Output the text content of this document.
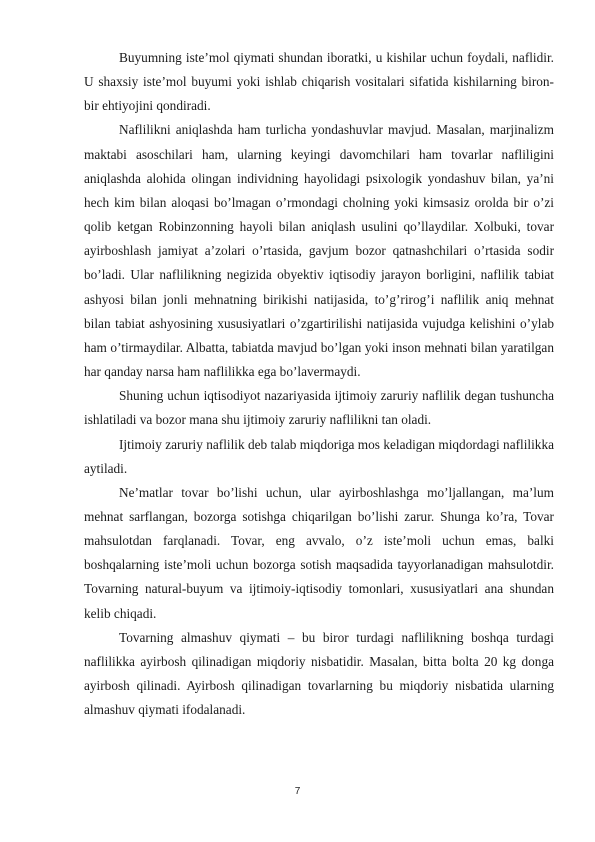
Buyumning iste’mol qiymati shundan iboratki, u kishilar uchun foydali, naflidir. U shaxsiy iste’mol buyumi yoki ishlab chiqarish vositalari sifatida kishilarning biron- bir ehtiyojini qondiradi.

Naflilikni aniqlashda ham turlicha yondashuvlar mavjud. Masalan, marjinalizm maktabi asoschilari ham, ularning keyingi davomchilari ham tovarlar nafliligini aniqlashda alohida olingan individning hayolidagi psixologik yondashuv bilan, ya’ni hech kim bilan aloqasi bo’lmagan o’rmondagi cholning yoki kimsasiz orolda bir o’zi qolib ketgan Robinzonning hayoli bilan aniqlash usulini qo’llaydilar. Xolbuki, tovar ayirboshlash jamiyat a’zolari o’rtasida, gavjum bozor qatnashchilari o’rtasida sodir bo’ladi. Ular naflilikning negizida obyektiv iqtisodiy jarayon borligini, naflilik tabiat ashyosi bilan jonli mehnatning birikishi natijasida, to’g’rirog’i naflilik aniq mehnat bilan tabiat ashyosining xususiyatlari o’zgartirilishi natijasida vujudga kelishini o’ylab ham o’tirmaydilar. Albatta, tabiatda mavjud bo’lgan yoki inson mehnati bilan yaratilgan har qanday narsa ham naflilikka ega bo’lavermaydi.

Shuning uchun iqtisodiyot nazariyasida ijtimoiy zaruriy naflilik degan tushuncha ishlatiladi va bozor mana shu ijtimoiy zaruriy naflilikni tan oladi.

Ijtimoiy zaruriy naflilik deb talab miqdoriga mos keladigan miqdordagi naflilikka aytiladi.

Ne’matlar tovar bo’lishi uchun, ular ayirboshlashga mo’ljallangan, ma’lum mehnat sarflangan, bozorga sotishga chiqarilgan bo’lishi zarur. Shunga ko’ra, Tovar mahsulotdan farqlanadi. Tovar, eng avvalo, o’z iste’moli uchun emas, balki boshqalarning iste’moli uchun bozorga sotish maqsadida tayyorlanadigan mahsulotdir. Tovarning natural-buyum va ijtimoiy-iqtisodiy tomonlari, xususiyatlari ana shundan kelib chiqadi.

Tovarning almashuv qiymati – bu biror turdagi naflilikning boshqa turdagi naflilikka ayirbosh qilinadigan miqdoriy nisbatidir. Masalan, bitta bolta 20 kg donga ayirbosh qilinadi. Ayirbosh qilinadigan tovarlarning bu miqdoriy nisbatida ularning almashuv qiymati ifodalanadi.

7
